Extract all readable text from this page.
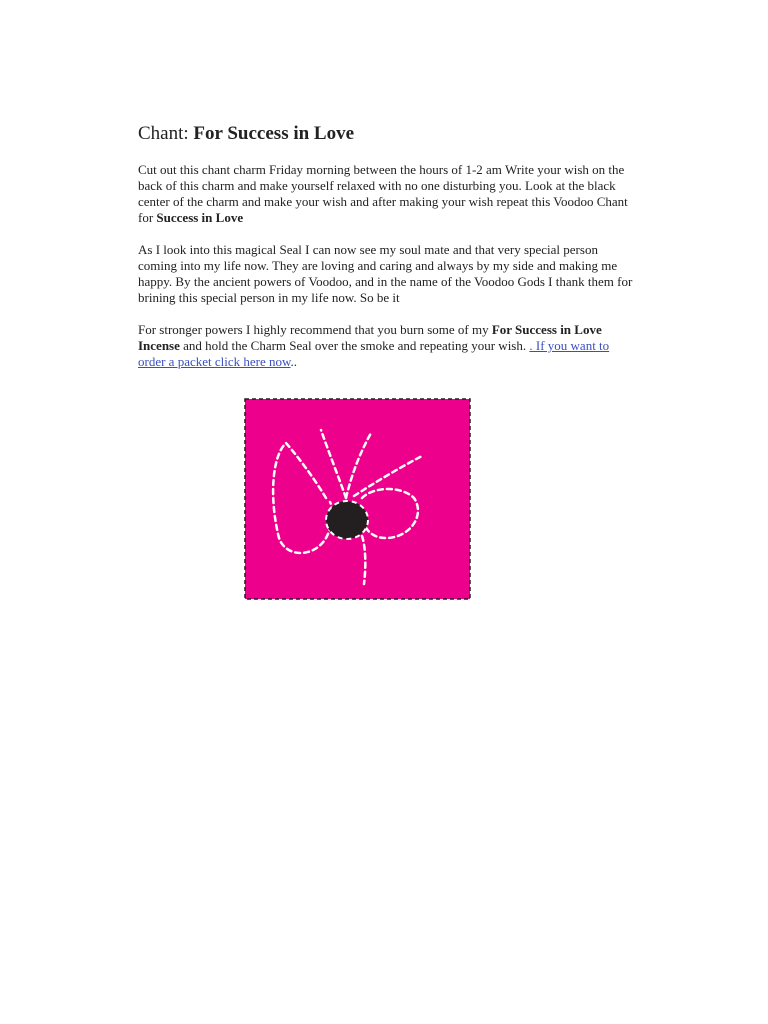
Chant: For Success in Love

Cut out this chant charm Friday morning between the hours of 1-2 am Write your wish on the back of this charm and make yourself relaxed with no one disturbing you. Look at the black center of the charm and make your wish and after making your wish repeat this Voodoo Chant for Success in Love

As I look into this magical Seal I can now see my soul mate and that very special person coming into my life now. They are loving and caring and always by my side and making me happy. By the ancient powers of Voodoo, and in the name of the Voodoo Gods I thank them for brining this special person in my life now. So be it

For stronger powers I highly recommend that you burn some of my For Success in Love Incense and hold the Charm Seal over the smoke and repeating your wish. . If you want to order a packet click here now..
